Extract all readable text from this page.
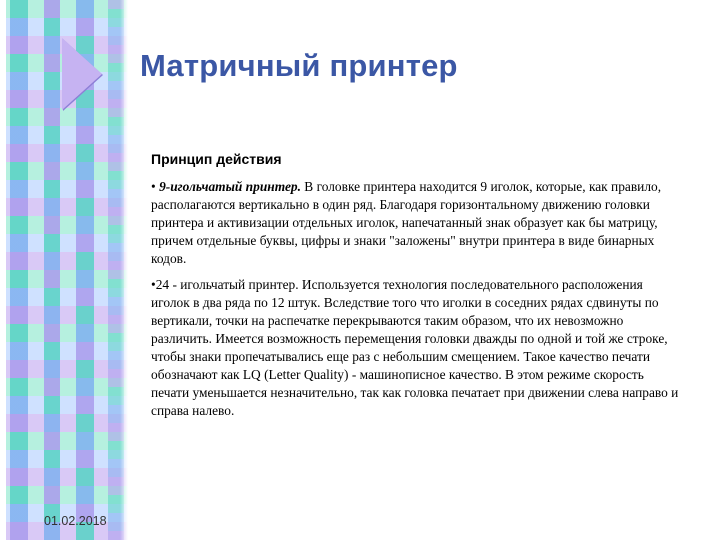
Матричный принтер
Принцип действия
• 9-игольчатый принтер. В головке принтера находится 9 иголок, которые, как правило, располагаются вертикально в один ряд. Благодаря горизонтальному движению головки принтера и активизации отдельных иголок, напечатанный знак образует как бы матрицу, причем отдельные буквы, цифры и знаки "заложены" внутри принтера в виде бинарных кодов.
•24 - игольчатый принтер. Используется технология последовательного расположения иголок в два ряда по 12 штук. Вследствие того что иголки в соседних рядах сдвинуты по вертикали, точки на распечатке перекрываются таким образом, что их невозможно различить. Имеется возможность перемещения головки дважды по одной и той же строке, чтобы знаки пропечатывались еще раз с небольшим смещением. Такое качество печати обозначают как LQ (Letter Quality) - машинописное качество. В этом режиме скорость печати уменьшается незначительно, так как головка печатает при движении слева направо и справа налево.
01.02.2018
